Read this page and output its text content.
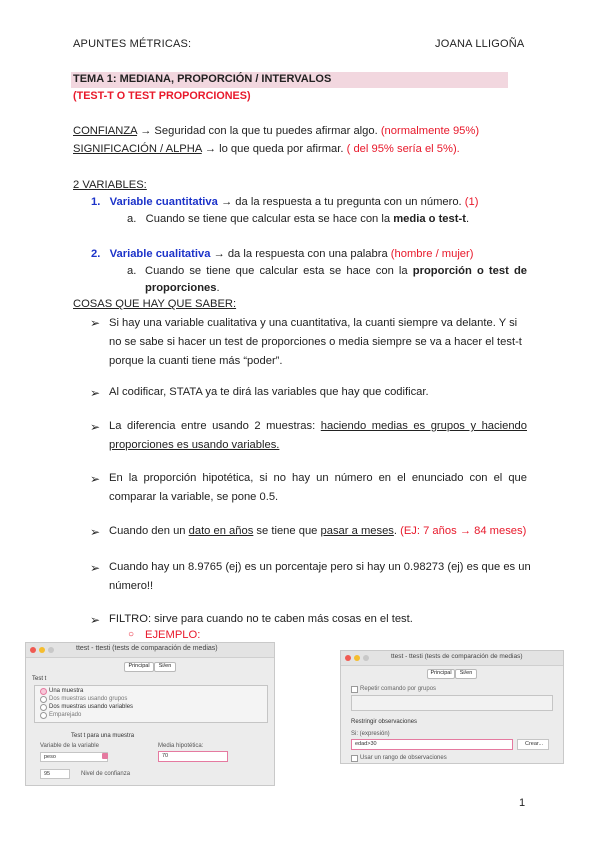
APUNTES MÉTRICAS:	JOANA LLIGOÑA
TEMA 1: MEDIANA, PROPORCIÓN / INTERVALOS
(TEST-T O TEST PROPORCIONES)
CONFIANZA → Seguridad con la que tu puedes afirmar algo. (normalmente 95%)
SIGNIFICACIÓN / ALPHA → lo que queda por afirmar. ( del 95% sería el 5%).
2 VARIABLES:
1. Variable cuantitativa → da la respuesta a tu pregunta con un número. (1)
a. Cuando se tiene que calcular esta se hace con la media o test-t.
2. Variable cualitativa → da la respuesta con una palabra (hombre / mujer)
a. Cuando se tiene que calcular esta se hace con la proporción o test de
proporciones.
COSAS QUE HAY QUE SABER:
➢ Si hay una variable cualitativa y una cuantitativa, la cuanti siempre va delante. Y si
no se sabe si hacer un test de proporciones o media siempre se va a hacer el test-t
porque la cuanti tiene más “poder”.
➢ Al codificar, STATA ya te dirá las variables que hay que codificar.
➢ La diferencia entre usando 2 muestras: haciendo medias es grupos y haciendo
proporciones es usando variables.
➢ En la proporción hipotética, si no hay un número en el enunciado con el que
comparar la variable, se pone 0.5.
➢ Cuando den un dato en años se tiene que pasar a meses. (EJ: 7 años → 84 meses)
➢ Cuando hay un 8.9765 (ej) es un porcentaje pero si hay un 0.98273 (ej) es que es un
número!!
➢ FILTRO: sirve para cuando no te caben más cosas en el test.
○ EJEMPLO:
ttest - ttesti (tests de comparación de medias)
Principal	Si/en
Test t
Una muestra
Dos muestras usando grupos
Dos muestras usando variables
Emparejado
Test t para una muestra
Variable de la variable
peso
Media hipotética:
70
95	Nivel de confianza
ttest - ttesti (tests de comparación de medias)
Principal	Si/en
Repetir comando por grupos
Restringir observaciones
Si: (expresión)
edad>30	Crear...
Usar un rango de observaciones
1
